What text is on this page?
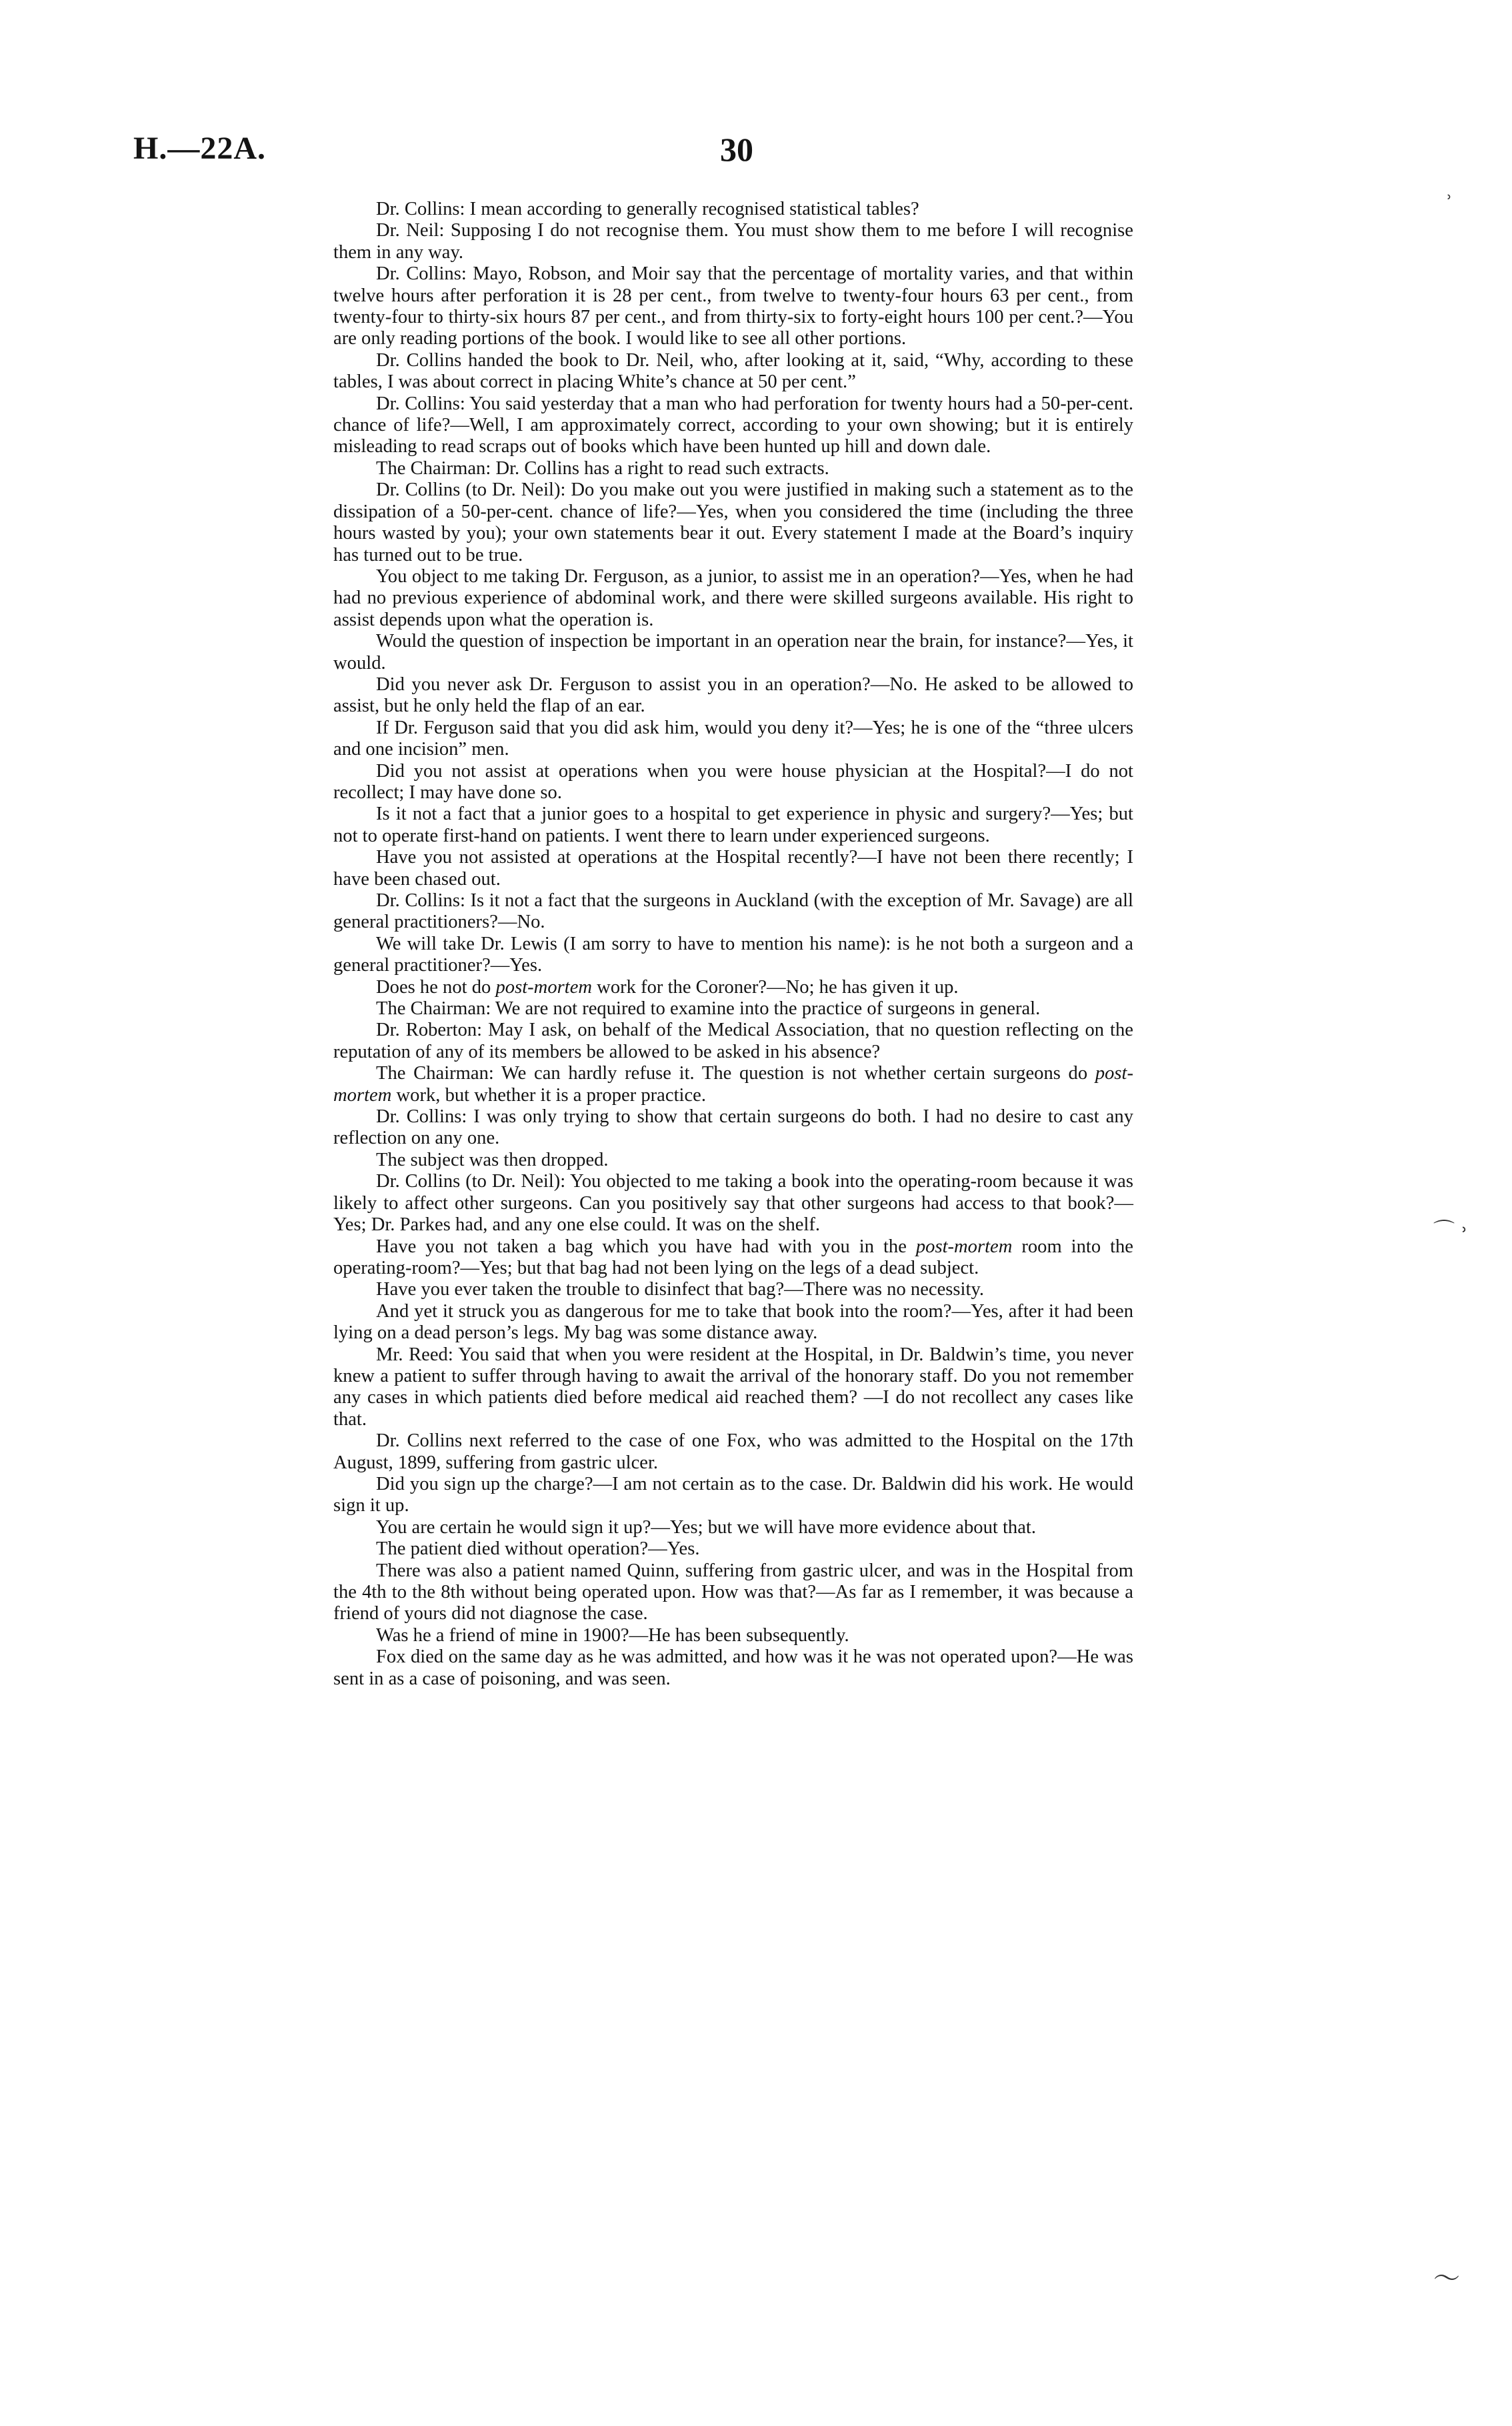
H.—22A.	30

Dr. Collins: I mean according to generally recognised statistical tables?

Dr. Neil: Supposing I do not recognise them. You must show them to me before I will recognise them in any way.

Dr. Collins: Mayo, Robson, and Moir say that the percentage of mortality varies, and that within twelve hours after perforation it is 28 per cent., from twelve to twenty-four hours 63 per cent., from twenty-four to thirty-six hours 87 per cent., and from thirty-six to forty-eight hours 100 per cent.?—You are only reading portions of the book. I would like to see all other portions.

Dr. Collins handed the book to Dr. Neil, who, after looking at it, said, “Why, according to these tables, I was about correct in placing White’s chance at 50 per cent.”

Dr. Collins: You said yesterday that a man who had perforation for twenty hours had a 50-per-cent. chance of life?—Well, I am approximately correct, according to your own showing; but it is entirely misleading to read scraps out of books which have been hunted up hill and down dale.

The Chairman: Dr. Collins has a right to read such extracts.

Dr. Collins (to Dr. Neil): Do you make out you were justified in making such a statement as to the dissipation of a 50-per-cent. chance of life?—Yes, when you considered the time (including the three hours wasted by you); your own statements bear it out. Every statement I made at the Board’s inquiry has turned out to be true.

You object to me taking Dr. Ferguson, as a junior, to assist me in an operation?—Yes, when he had had no previous experience of abdominal work, and there were skilled surgeons available. His right to assist depends upon what the operation is.

Would the question of inspection be important in an operation near the brain, for instance?—Yes, it would.

Did you never ask Dr. Ferguson to assist you in an operation?—No. He asked to be allowed to assist, but he only held the flap of an ear.

If Dr. Ferguson said that you did ask him, would you deny it?—Yes; he is one of the “three ulcers and one incision” men.

Did you not assist at operations when you were house physician at the Hospital?—I do not recollect; I may have done so.

Is it not a fact that a junior goes to a hospital to get experience in physic and surgery?—Yes; but not to operate first-hand on patients. I went there to learn under experienced surgeons.

Have you not assisted at operations at the Hospital recently?—I have not been there recently; I have been chased out.

Dr. Collins: Is it not a fact that the surgeons in Auckland (with the exception of Mr. Savage) are all general practitioners?—No.

We will take Dr. Lewis (I am sorry to have to mention his name): is he not both a surgeon and a general practitioner?—Yes.

Does he not do post-mortem work for the Coroner?—No; he has given it up.

The Chairman: We are not required to examine into the practice of surgeons in general.

Dr. Roberton: May I ask, on behalf of the Medical Association, that no question reflecting on the reputation of any of its members be allowed to be asked in his absence?

The Chairman: We can hardly refuse it. The question is not whether certain surgeons do post-mortem work, but whether it is a proper practice.

Dr. Collins: I was only trying to show that certain surgeons do both. I had no desire to cast any reflection on any one.

The subject was then dropped.

Dr. Collins (to Dr. Neil): You objected to me taking a book into the operating-room because it was likely to affect other surgeons. Can you positively say that other surgeons had access to that book?—Yes; Dr. Parkes had, and any one else could. It was on the shelf.

Have you not taken a bag which you have had with you in the post-mortem room into the operating-room?—Yes; but that bag had not been lying on the legs of a dead subject.

Have you ever taken the trouble to disinfect that bag?—There was no necessity.

And yet it struck you as dangerous for me to take that book into the room?—Yes, after it had been lying on a dead person’s legs. My bag was some distance away.

Mr. Reed: You said that when you were resident at the Hospital, in Dr. Baldwin’s time, you never knew a patient to suffer through having to await the arrival of the honorary staff. Do you not remember any cases in which patients died before medical aid reached them? —I do not recollect any cases like that.

Dr. Collins next referred to the case of one Fox, who was admitted to the Hospital on the 17th August, 1899, suffering from gastric ulcer.

Did you sign up the charge?—I am not certain as to the case. Dr. Baldwin did his work. He would sign it up.

You are certain he would sign it up?—Yes; but we will have more evidence about that.

The patient died without operation?—Yes.

There was also a patient named Quinn, suffering from gastric ulcer, and was in the Hospital from the 4th to the 8th without being operated upon. How was that?—As far as I remember, it was because a friend of yours did not diagnose the case.

Was he a friend of mine in 1900?—He has been subsequently.

Fox died on the same day as he was admitted, and how was it he was not operated upon?—He was sent in as a case of poisoning, and was seen.

˒
⌒ ˒
〜
